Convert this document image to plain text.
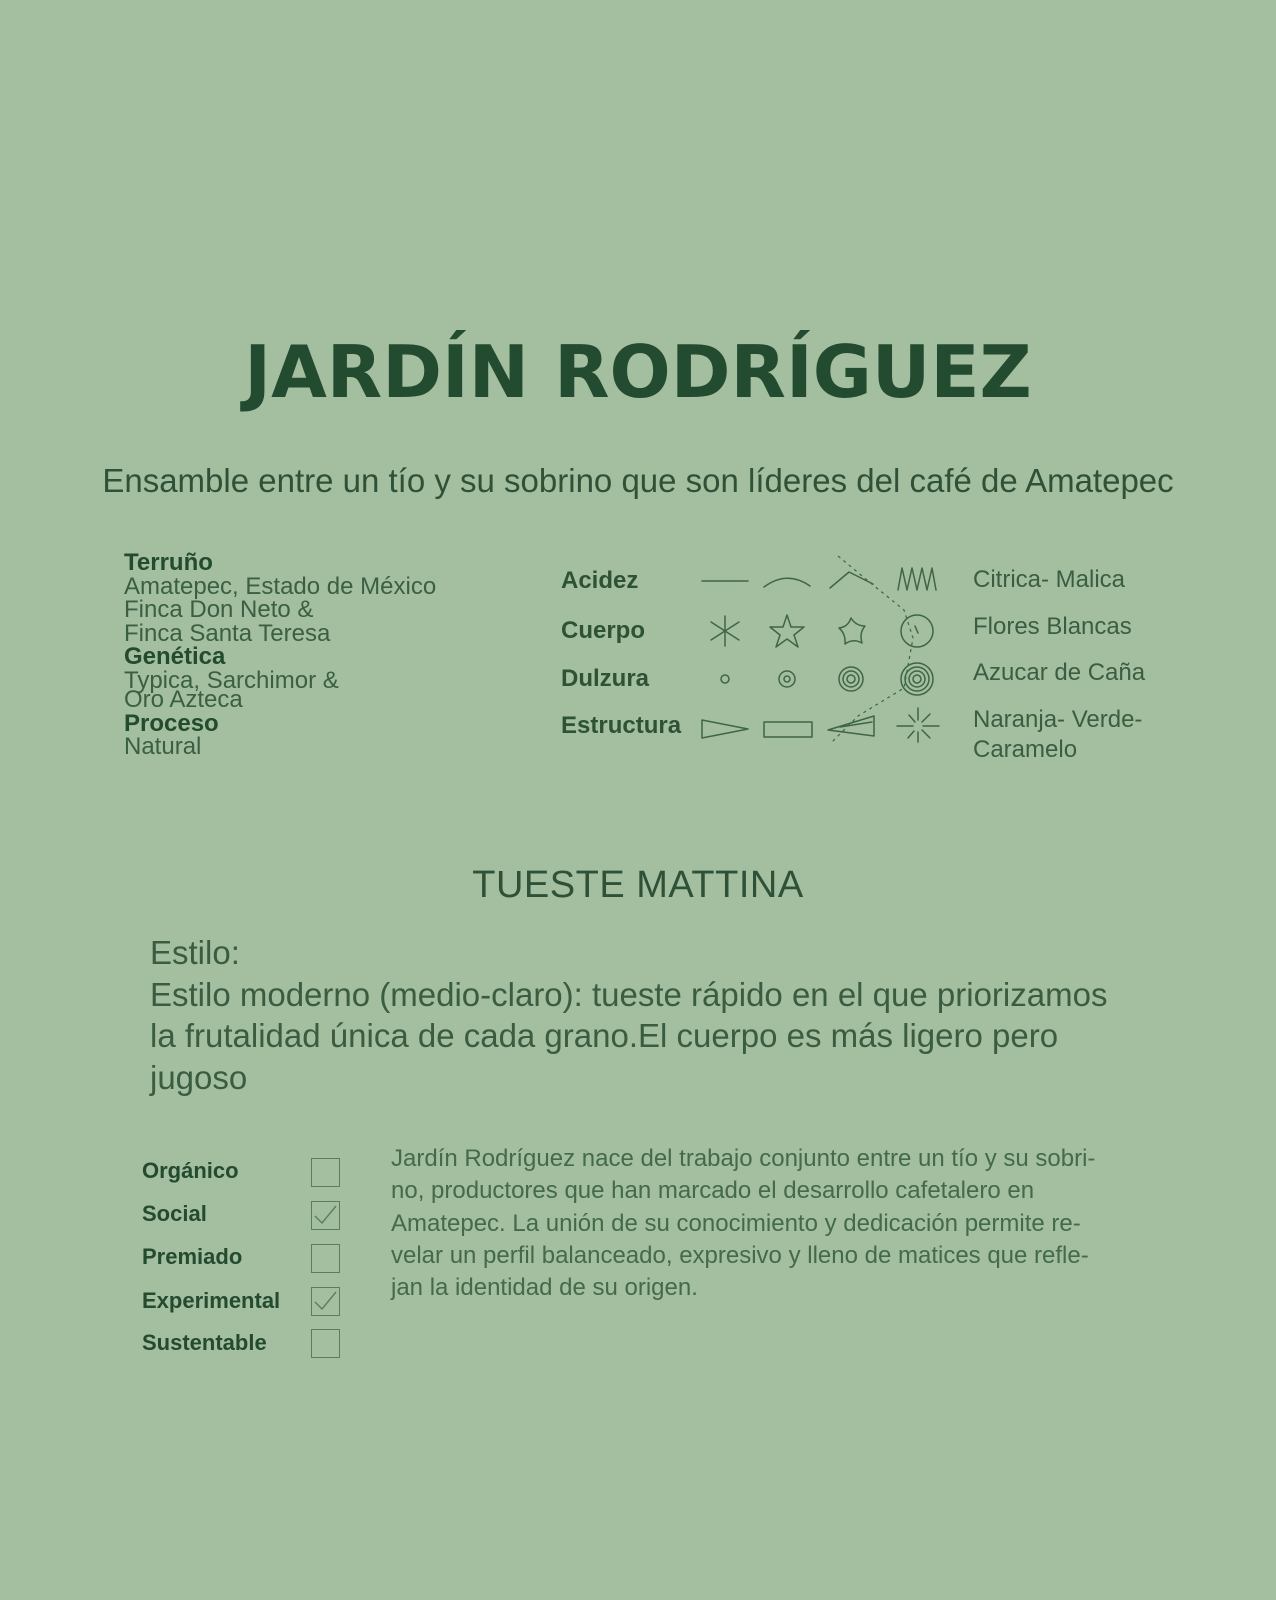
JARDÍN RODRÍGUEZ
Ensamble entre un tío y su sobrino que son líderes del café de Amatepec
Terruño
Amatepec, Estado de México
Finca Don Neto &
Finca Santa Teresa
Genética
Typica, Sarchimor &
Oro Azteca
Proceso
Natural
Acidez
Cuerpo
Dulzura
Estructura
Citrica- Malica
Flores Blancas
Azucar de Caña
Naranja- Verde-
Caramelo
TUESTE MATTINA
Estilo:
Estilo moderno (medio-claro): tueste rápido en el que priorizamos
la frutalidad única de cada grano.El cuerpo es más ligero pero
jugoso
Orgánico
Social
Premiado
Experimental
Sustentable
Jardín Rodríguez nace del trabajo conjunto entre un tío y su sobri-
no, productores que han marcado el desarrollo cafetalero en
Amatepec. La unión de su conocimiento y dedicación permite re-
velar un perfil balanceado, expresivo y lleno de matices que refle-
jan la identidad de su origen.
